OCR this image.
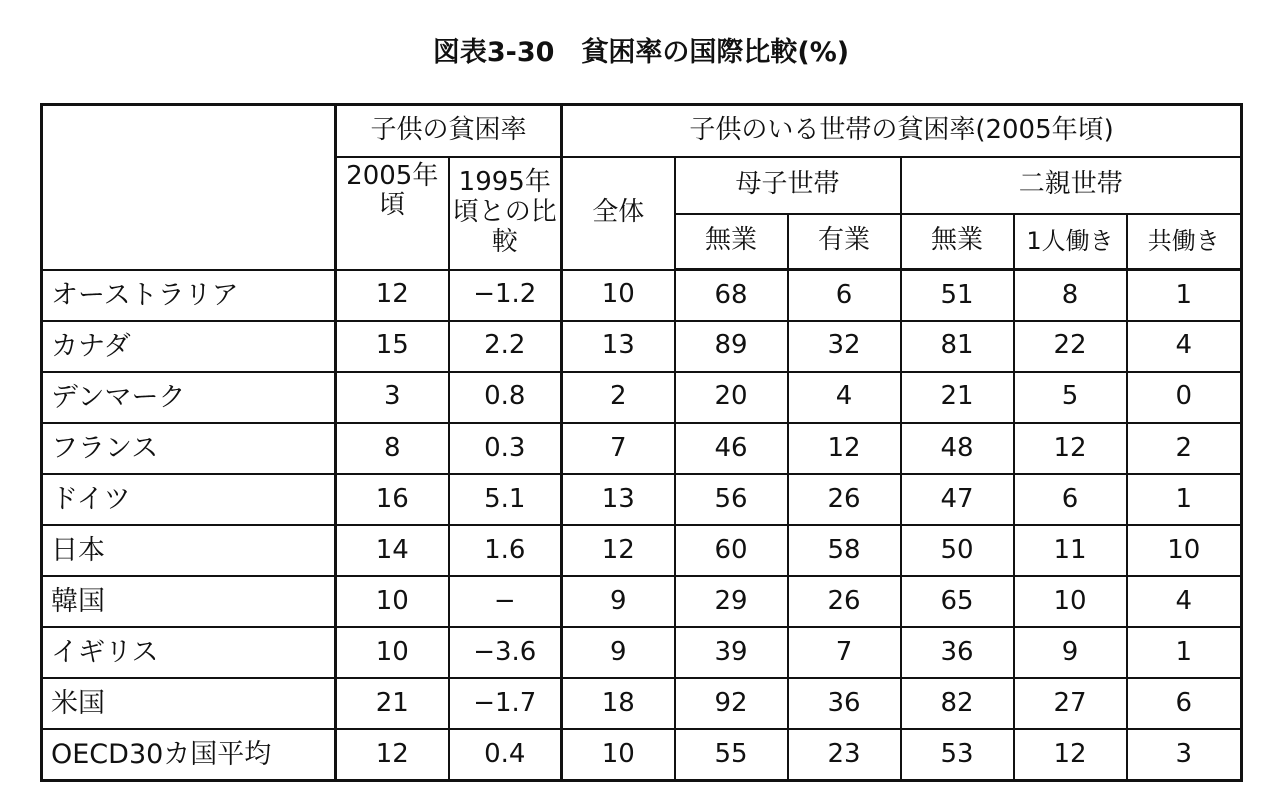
図表3-30　貧困率の国際比較(%)
	子供の貧困率		子供のいる世帯の貧困率(2005年頃)					
	2005年頃	1995年頃との比較	全体	母子世帯		二親世帯		
				無業	有業	無業	1人働き	共働き
オーストラリア	12	−1.2	10	68	6	51	8	1
カナダ	15	2.2	13	89	32	81	22	4
デンマーク	3	0.8	2	20	4	21	5	0
フランス	8	0.3	7	46	12	48	12	2
ドイツ	16	5.1	13	56	26	47	6	1
日本	14	1.6	12	60	58	50	11	10
韓国	10	−	9	29	26	65	10	4
イギリス	10	−3.6	9	39	7	36	9	1
米国	21	−1.7	18	92	36	82	27	6
OECD30カ国平均	12	0.4	10	55	23	53	12	3
